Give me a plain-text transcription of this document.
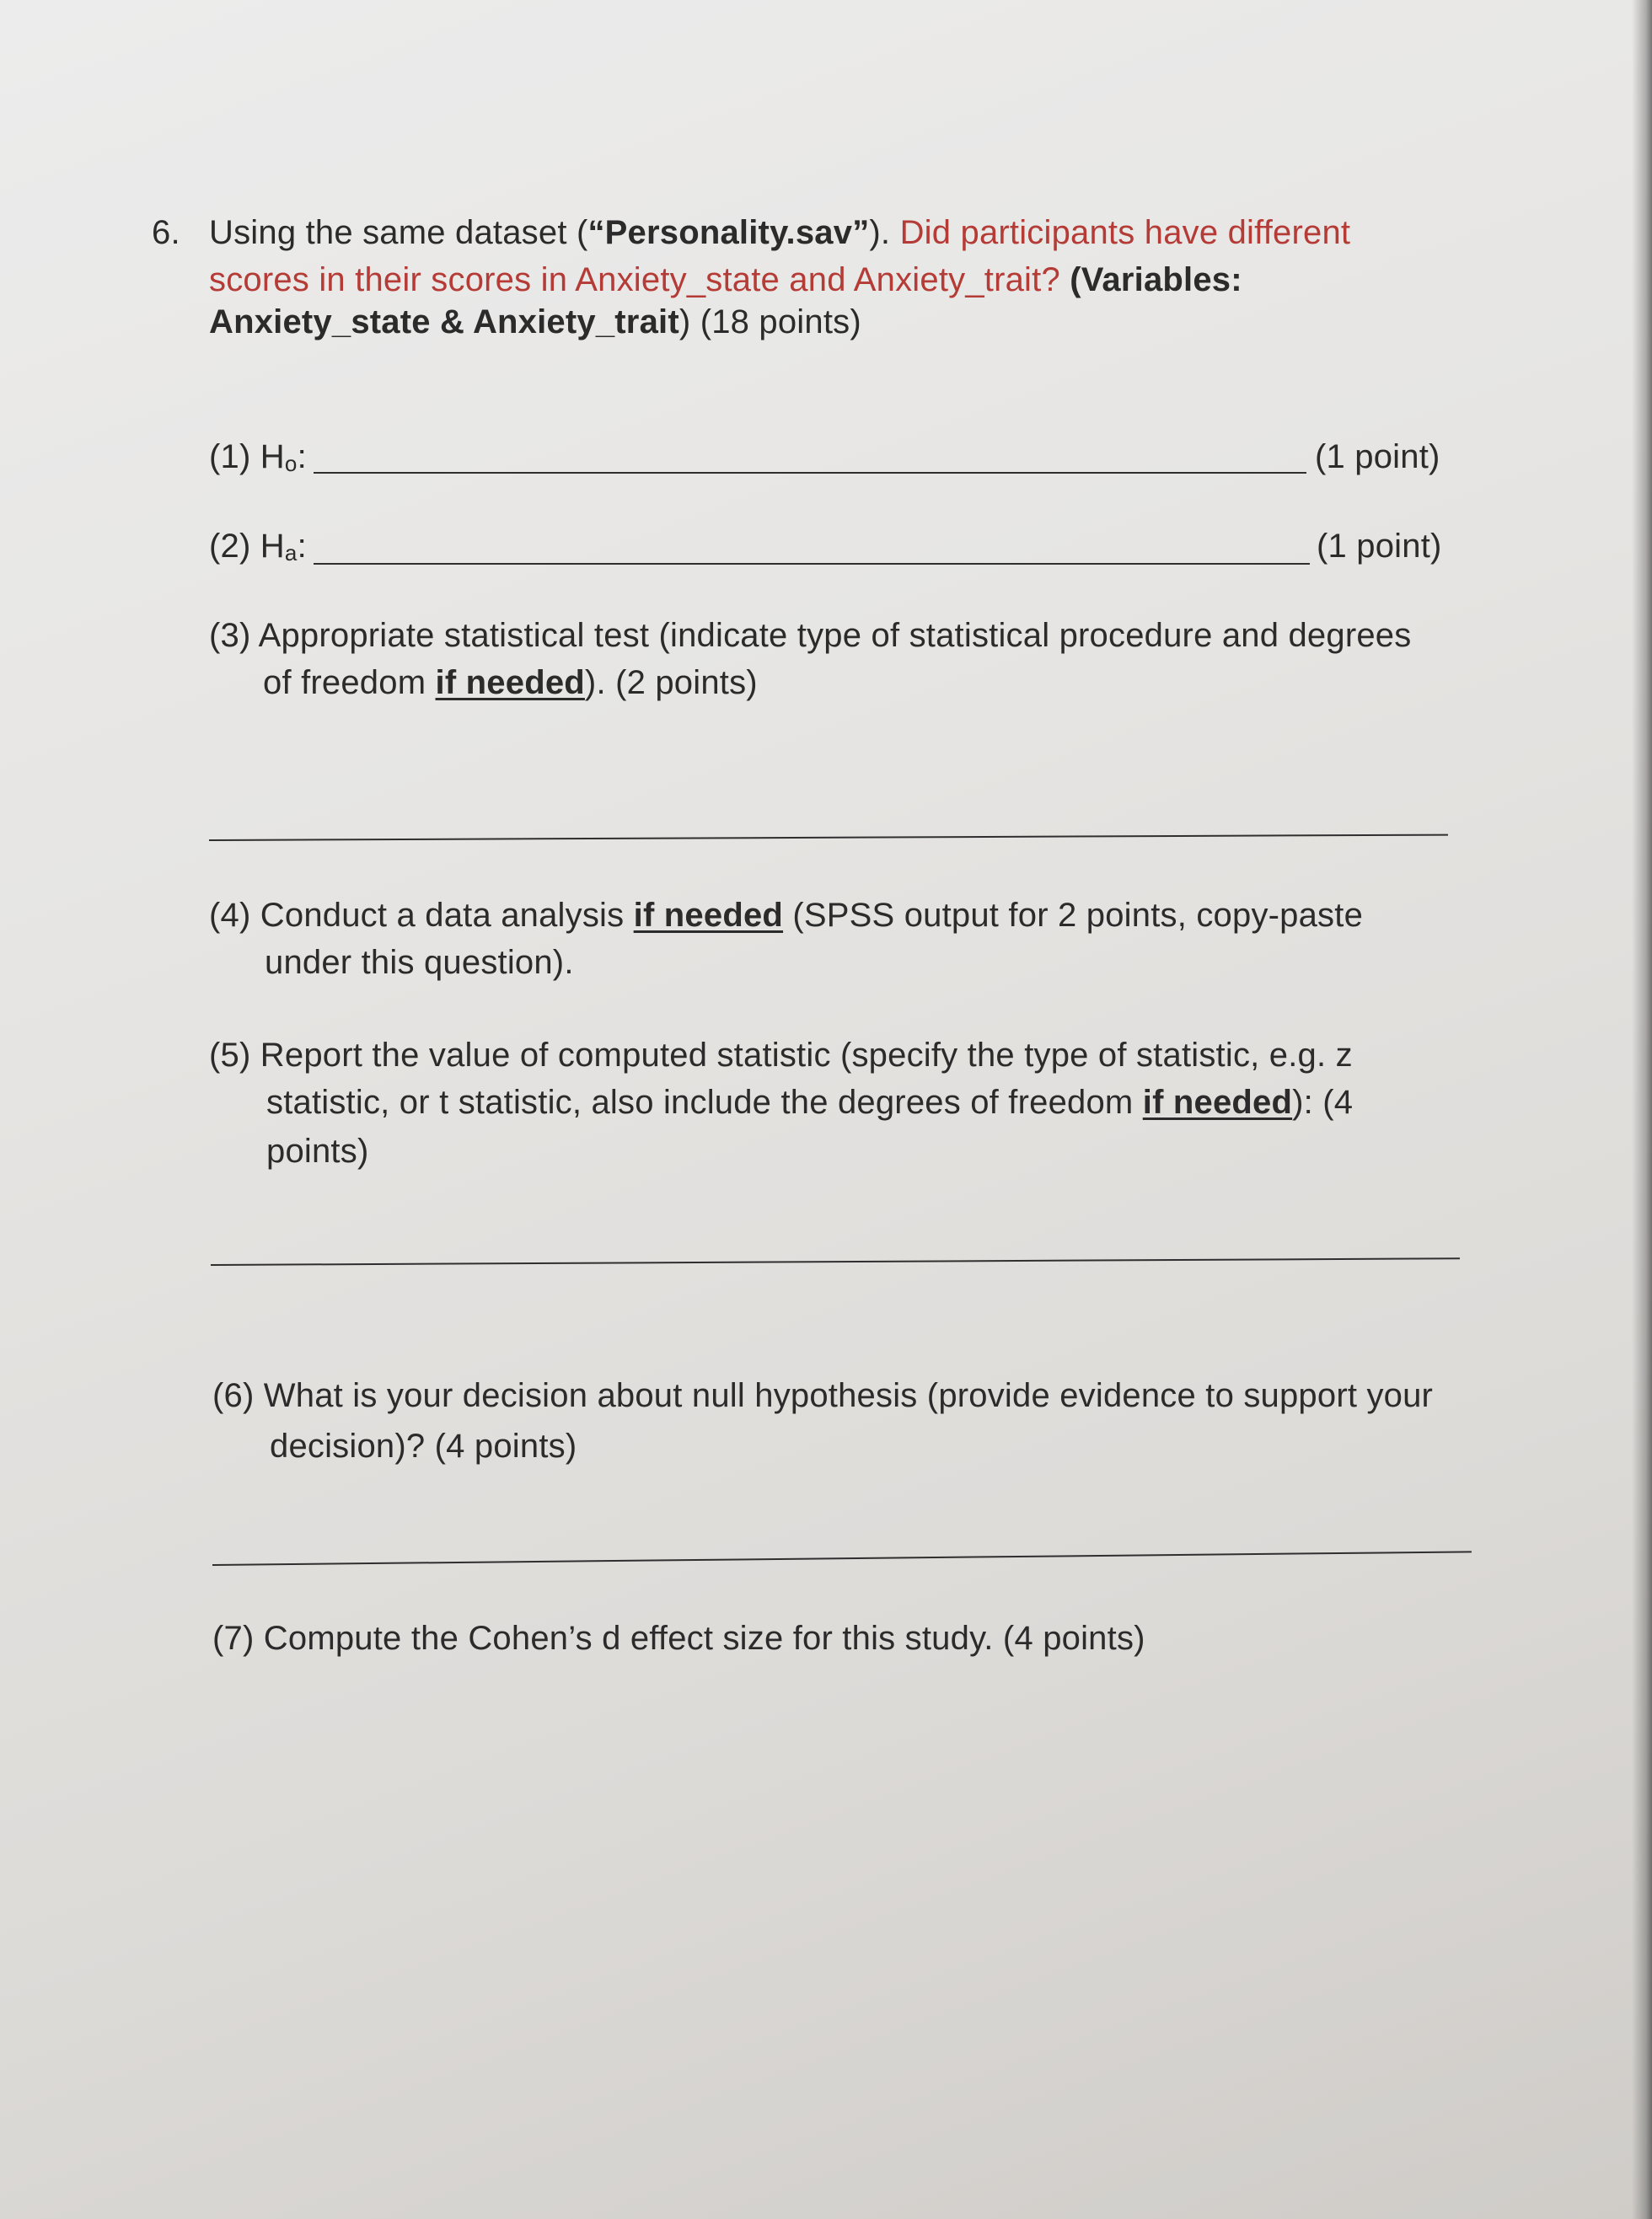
6. Using the same dataset (“Personality.sav”). Did participants have different
scores in their scores in Anxiety_state and Anxiety_trait? (Variables:
Anxiety_state & Anxiety_trait) (18 points)
(1) Ho:	(1 point)
(2) Ha:	(1 point)
(3) Appropriate statistical test (indicate type of statistical procedure and degrees
of freedom if needed). (2 points)
(4) Conduct a data analysis if needed (SPSS output for 2 points, copy-paste
under this question).
(5) Report the value of computed statistic (specify the type of statistic, e.g. z
statistic, or t statistic, also include the degrees of freedom if needed): (4
points)
(6) What is your decision about null hypothesis (provide evidence to support your
decision)? (4 points)
(7) Compute the Cohen’s d effect size for this study. (4 points)
